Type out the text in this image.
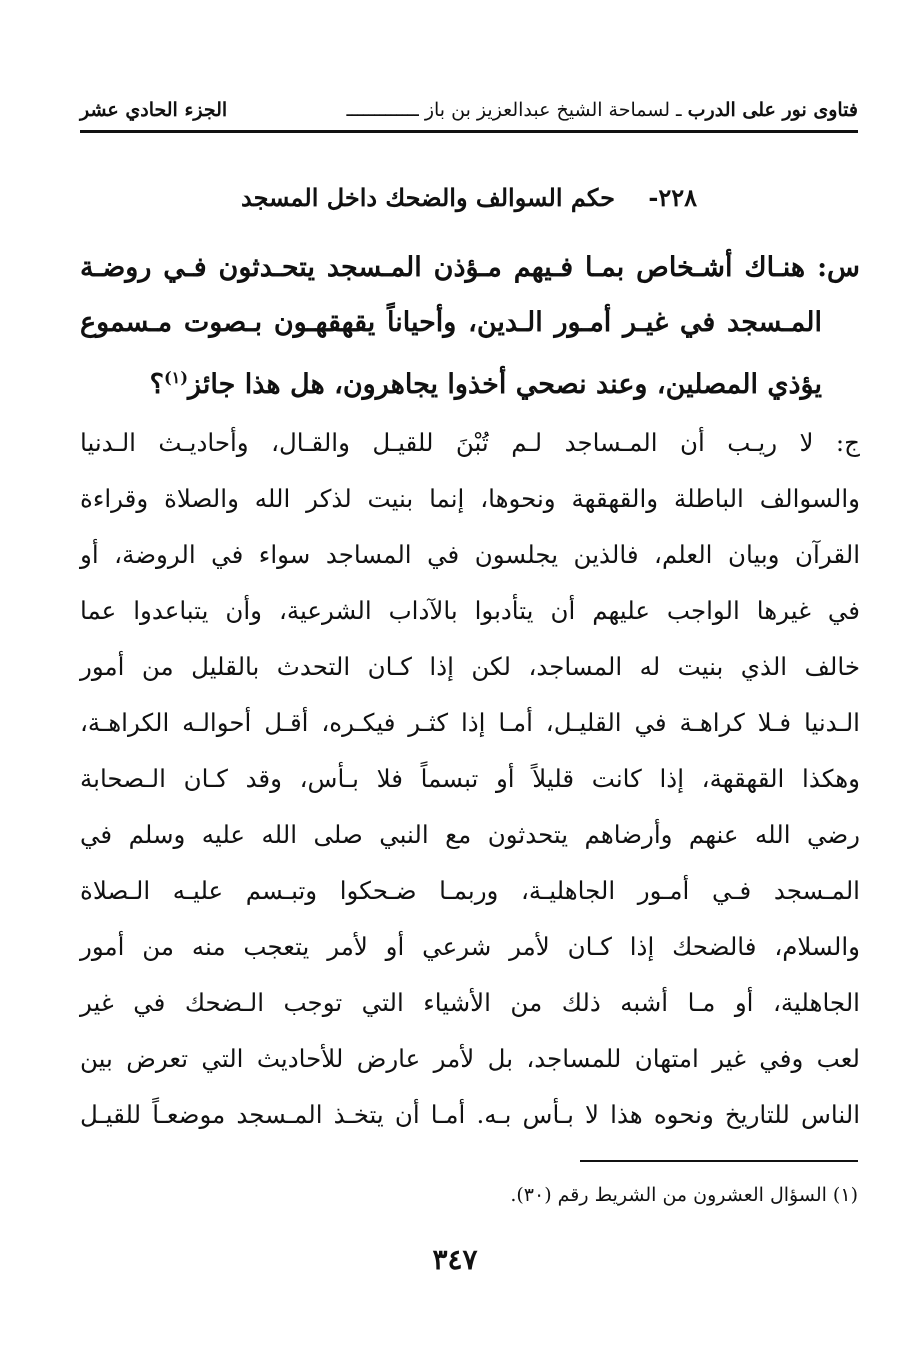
فتاوى نور على الدرب ـ لسماحة الشيخ عبدالعزيز بن باز ـــــــــــــ
الجزء الحادي عشر
٢٢٨-    حكم السوالف والضحك داخل المسجد
س: هنـاك أشـخاص بمـا فـيهم مـؤذن المـسجد يتحـدثون فـي روضـة
المـسجد في غيـر أمـور الـدين، وأحياناً يقهقهـون بـصوت مـسموع
يؤذي المصلين، وعند نصحي أخذوا يجاهرون، هل هذا جائز$^{(١)}$؟
ج: لا ريـب أن المـساجد لـم تُبْنَ للقيـل والقـال، وأحاديـث الـدنيا
والسوالف الباطلة والقهقهة ونحوها، إنما بنيت لذكر الله والصلاة وقراءة
القرآن وبيان العلم، فالذين يجلسون في المساجد سواء في الروضة، أو
في غيرها الواجب عليهم أن يتأدبوا بالآداب الشرعية، وأن يتباعدوا عما
خالف الذي بنيت له المساجد، لكن إذا كـان التحدث بالقليل من أمور
الـدنيا فـلا كراهـة في القليـل، أمـا إذا كثـر فيكـره، أقـل أحوالـه الكراهـة،
وهكذا القهقهة، إذا كانت قليلاً أو تبسماً فلا بـأس، وقد كـان الـصحابة
رضي الله عنهم وأرضاهم يتحدثون مع النبي صلى الله عليه وسلم في
المـسجد فـي أمـور الجاهليـة، وربمـا ضـحكوا وتبـسم عليـه الـصلاة
والسلام، فالضحك إذا كـان لأمر شرعي أو لأمر يتعجب منه من أمور
الجاهلية، أو مـا أشبه ذلك من الأشياء التي توجب الـضحك في غير
لعب وفي غير امتهان للمساجد، بل لأمر عارض للأحاديث التي تعرض بين
الناس للتاريخ ونحوه هذا لا بـأس بـه. أمـا أن يتخـذ المـسجد موضعـاً للقيـل
(١) السؤال العشرون من الشريط رقم (٣٠).
٣٤٧
